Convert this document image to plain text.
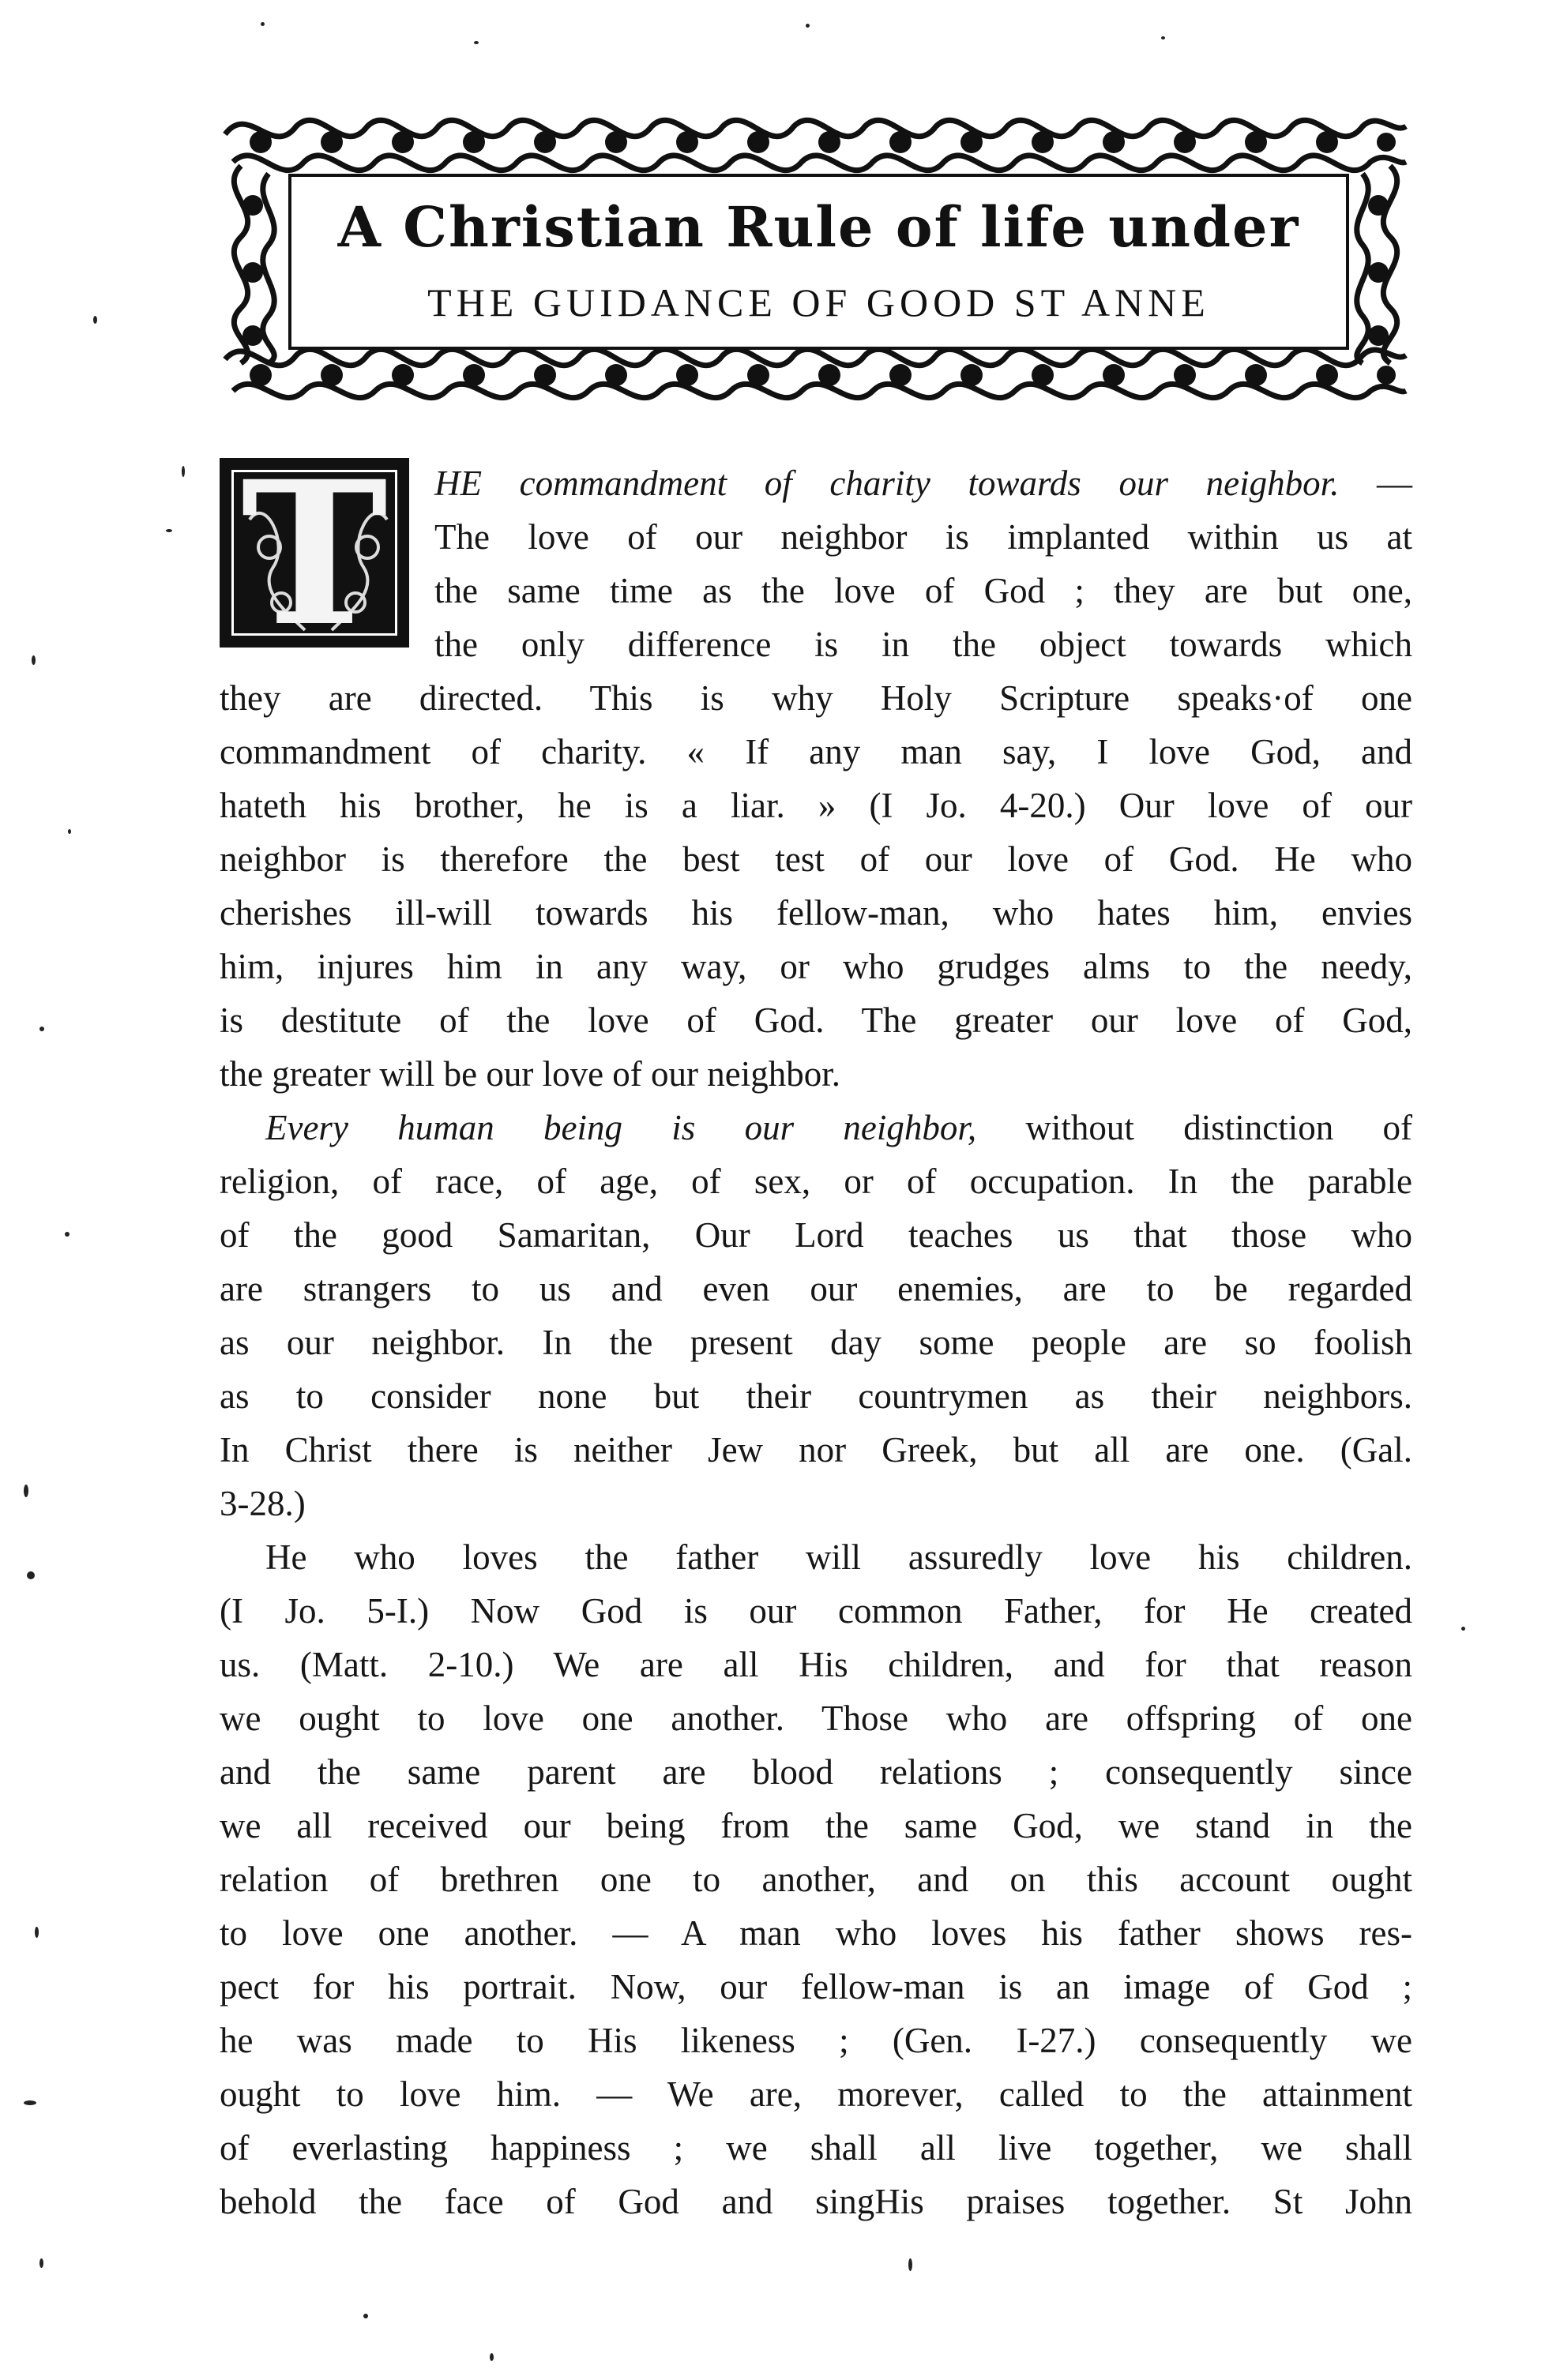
A Christian Rule of life under
THE GUIDANCE OF GOOD ST ANNE
T HE commandment of charity towards our neighbor. —
The love of our neighbor is implanted within us at
the same time as the love of God ; they are but one,
the only difference is in the object towards which
they are directed. This is why Holy Scripture speaks·of one
commandment of charity. « If any man say, I love God, and
hateth his brother, he is a liar. » (I Jo. 4-20.) Our love of our
neighbor is therefore the best test of our love of God. He who
cherishes ill-will towards his fellow-man, who hates him, envies
him, injures him in any way, or who grudges alms to the needy,
is destitute of the love of God. The greater our love of God,
the greater will be our love of our neighbor.
Every human being is our neighbor, without distinction of
religion, of race, of age, of sex, or of occupation. In the parable
of the good Samaritan, Our Lord teaches us that those who
are strangers to us and even our enemies, are to be regarded
as our neighbor. In the present day some people are so foolish
as to consider none but their countrymen as their neighbors.
In Christ there is neither Jew nor Greek, but all are one. (Gal.
3-28.)
He who loves the father will assuredly love his children.
(I Jo. 5-I.) Now God is our common Father, for He created
us. (Matt. 2-10.) We are all His children, and for that reason
we ought to love one another. Those who are offspring of one
and the same parent are blood relations ; consequently since
we all received our being from the same God, we stand in the
relation of brethren one to another, and on this account ought
to love one another. — A man who loves his father shows res-
pect for his portrait. Now, our fellow-man is an image of God ;
he was made to His likeness ; (Gen. I-27.) consequently we
ought to love him. — We are, morever, called to the attainment
of everlasting happiness ; we shall all live together, we shall
behold the face of God and singHis praises together. St John
